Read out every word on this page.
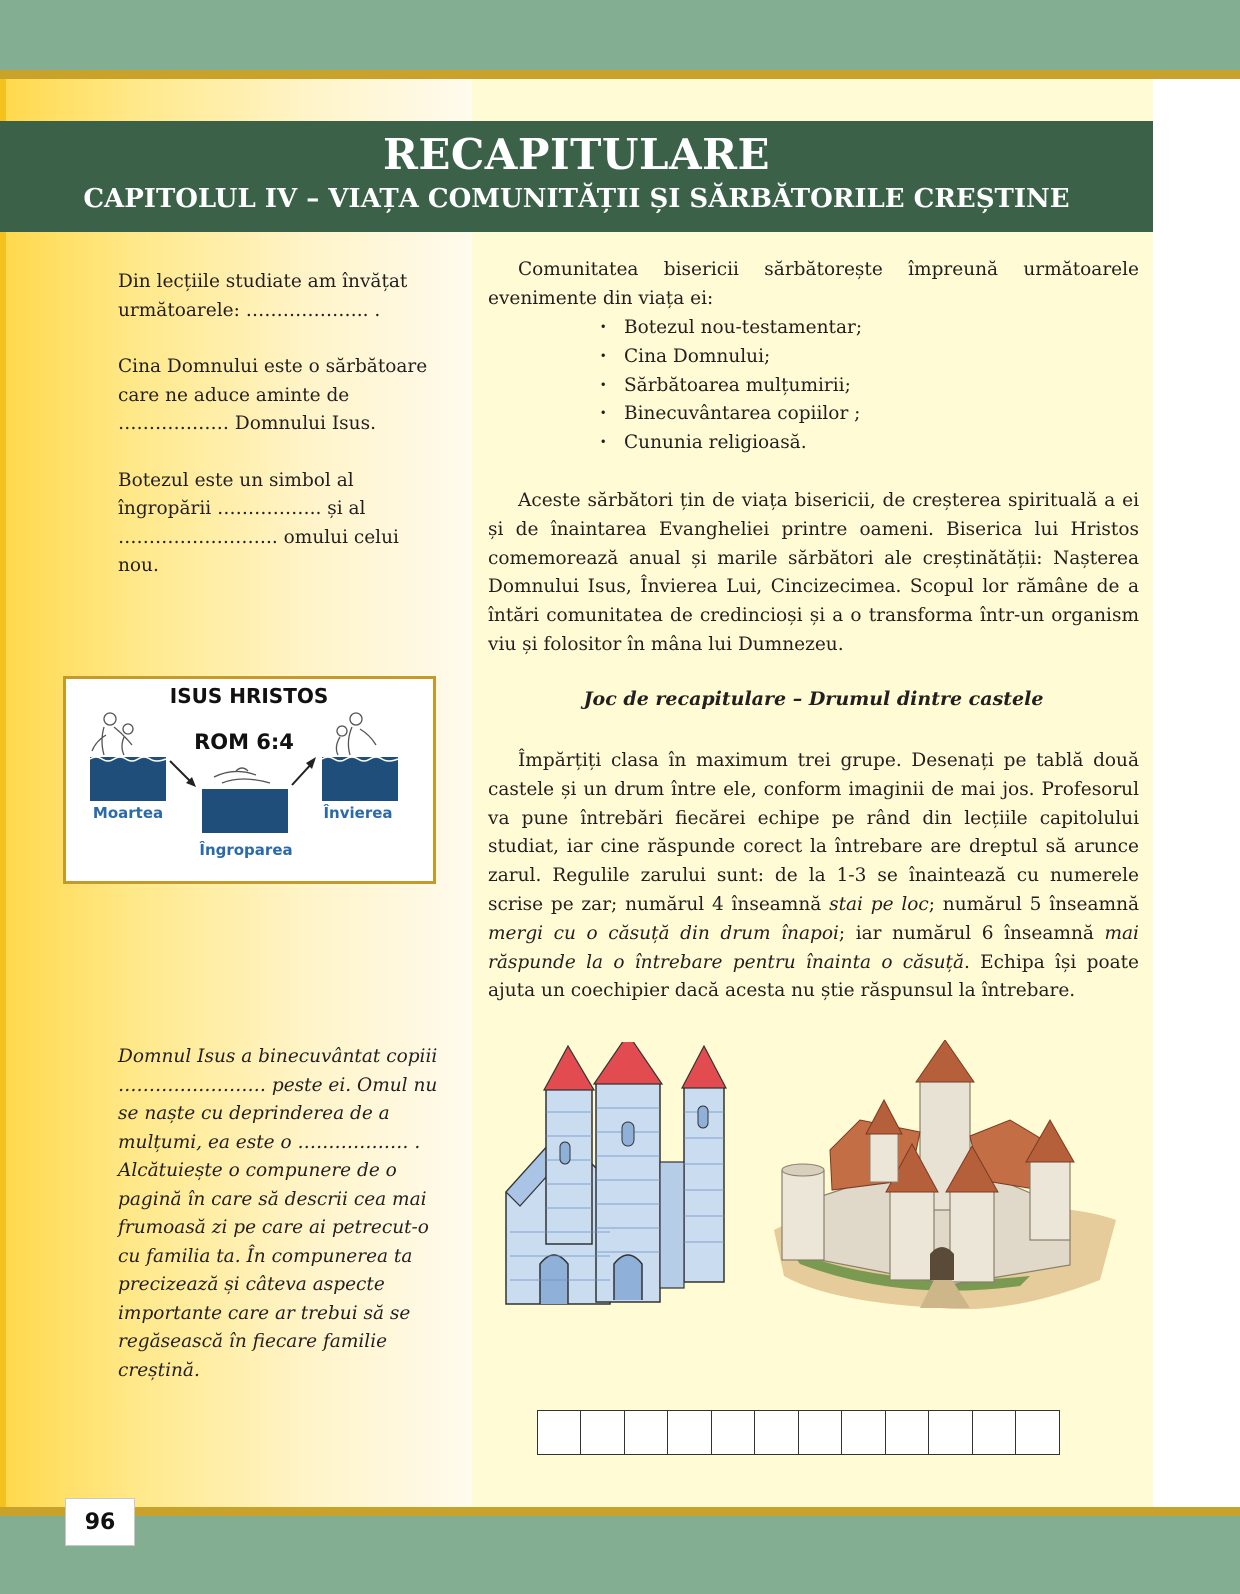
RECAPITULARE
CAPITOLUL IV – VIAȚA COMUNITĂȚII ȘI SĂRBĂTORILE CREȘTINE

Din lecțiile studiate am învățat următoarele: ……………….. .

Cina Domnului este o sărbătoare care ne aduce aminte de ……………… Domnului Isus.

Botezul este un simbol al îngropării …………….. și al …………………….. omului celui nou.

ISUS HRISTOS
ROM 6:4
Moartea
Îngroparea
Învierea

Domnul Isus a binecuvântat copiii …………………… peste ei. Omul nu se naște cu deprinderea de a mulțumi, ea este o ……………… . Alcătuiește o compunere de o pagină în care să descrii cea mai frumoasă zi pe care ai petrecut-o cu familia ta. În compunerea ta precizează și câteva aspecte importante care ar trebui să se regăsească în fiecare familie creștină.

Comunitatea bisericii sărbătorește împreună următoarele evenimente din viața ei:

· Botezul nou-testamentar;
· Cina Domnului;
· Sărbătoarea mulțumirii;
· Binecuvântarea copiilor ;
· Cununia religioasă.

Aceste sărbători țin de viața bisericii, de creșterea spirituală a ei și de înaintarea Evangheliei printre oameni. Biserica lui Hristos comemorează anual și marile sărbători ale creștinătății: Nașterea Domnului Isus, Învierea Lui, Cincizecimea. Scopul lor rămâne de a întări comunitatea de credincioși și a o transforma într-un organism viu și folositor în mâna lui Dumnezeu.

Joc de recapitulare – Drumul dintre castele

Împărțiți clasa în maximum trei grupe. Desenați pe tablă două castele și un drum între ele, conform imaginii de mai jos. Profesorul va pune întrebări fiecărei echipe pe rând din lecțiile capitolului studiat, iar cine răspunde corect la întrebare are dreptul să arunce zarul. Regulile zarului sunt: de la 1-3 se înaintează cu numerele scrise pe zar; numărul 4 înseamnă stai pe loc; numărul 5 înseamnă mergi cu o căsuță din drum înapoi; iar numărul 6 înseamnă mai răspunde la o întrebare pentru înainta o căsuță. Echipa își poate ajuta un coechipier dacă acesta nu știe răspunsul la întrebare.

96
